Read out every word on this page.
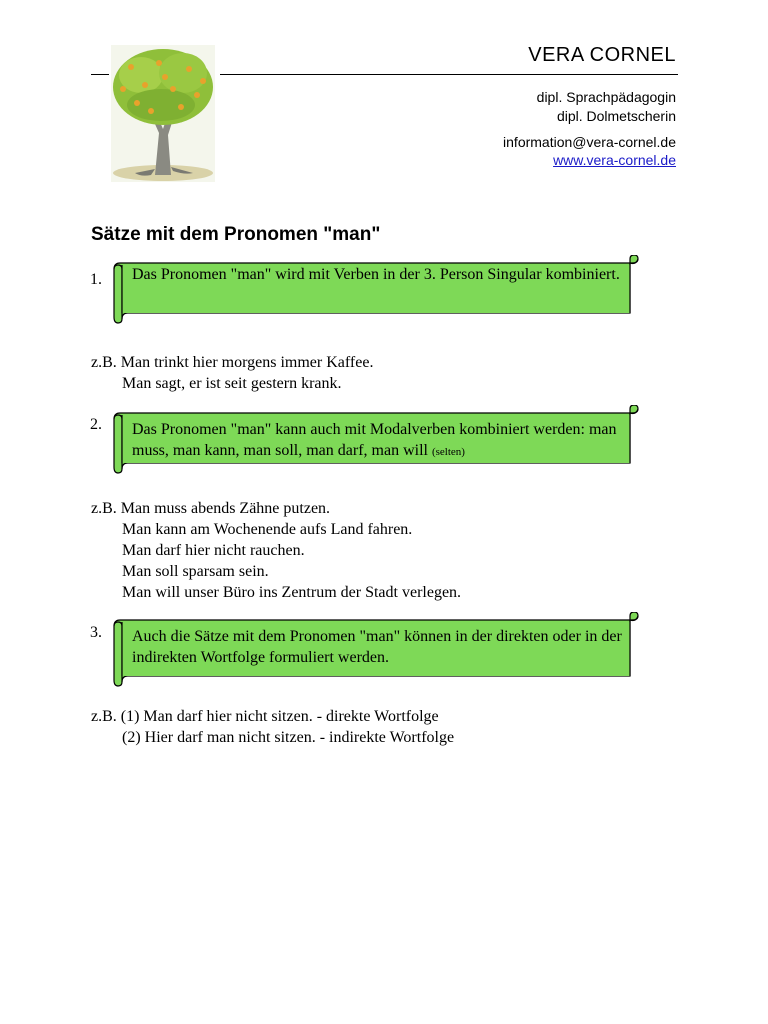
VERA CORNEL
dipl. Sprachpädagogin
dipl. Dolmetscherin
information@vera-cornel.de
www.vera-cornel.de
Sätze mit dem Pronomen "man"
1. Das Pronomen "man" wird mit Verben in der 3. Person Singular kombiniert.
z.B. Man trinkt hier morgens immer Kaffee.
Man sagt, er ist seit gestern krank.
2. Das Pronomen "man" kann auch mit Modalverben kombiniert werden: man muss, man kann, man soll, man darf, man will (selten)
z.B. Man muss abends Zähne putzen.
Man kann am Wochenende aufs Land fahren.
Man darf hier nicht rauchen.
Man soll sparsam sein.
Man will unser Büro ins Zentrum der Stadt verlegen.
3. Auch die Sätze mit dem Pronomen "man" können in der direkten oder in der indirekten Wortfolge formuliert werden.
z.B. (1) Man darf hier nicht sitzen. - direkte Wortfolge
(2) Hier darf man nicht sitzen. - indirekte Wortfolge
